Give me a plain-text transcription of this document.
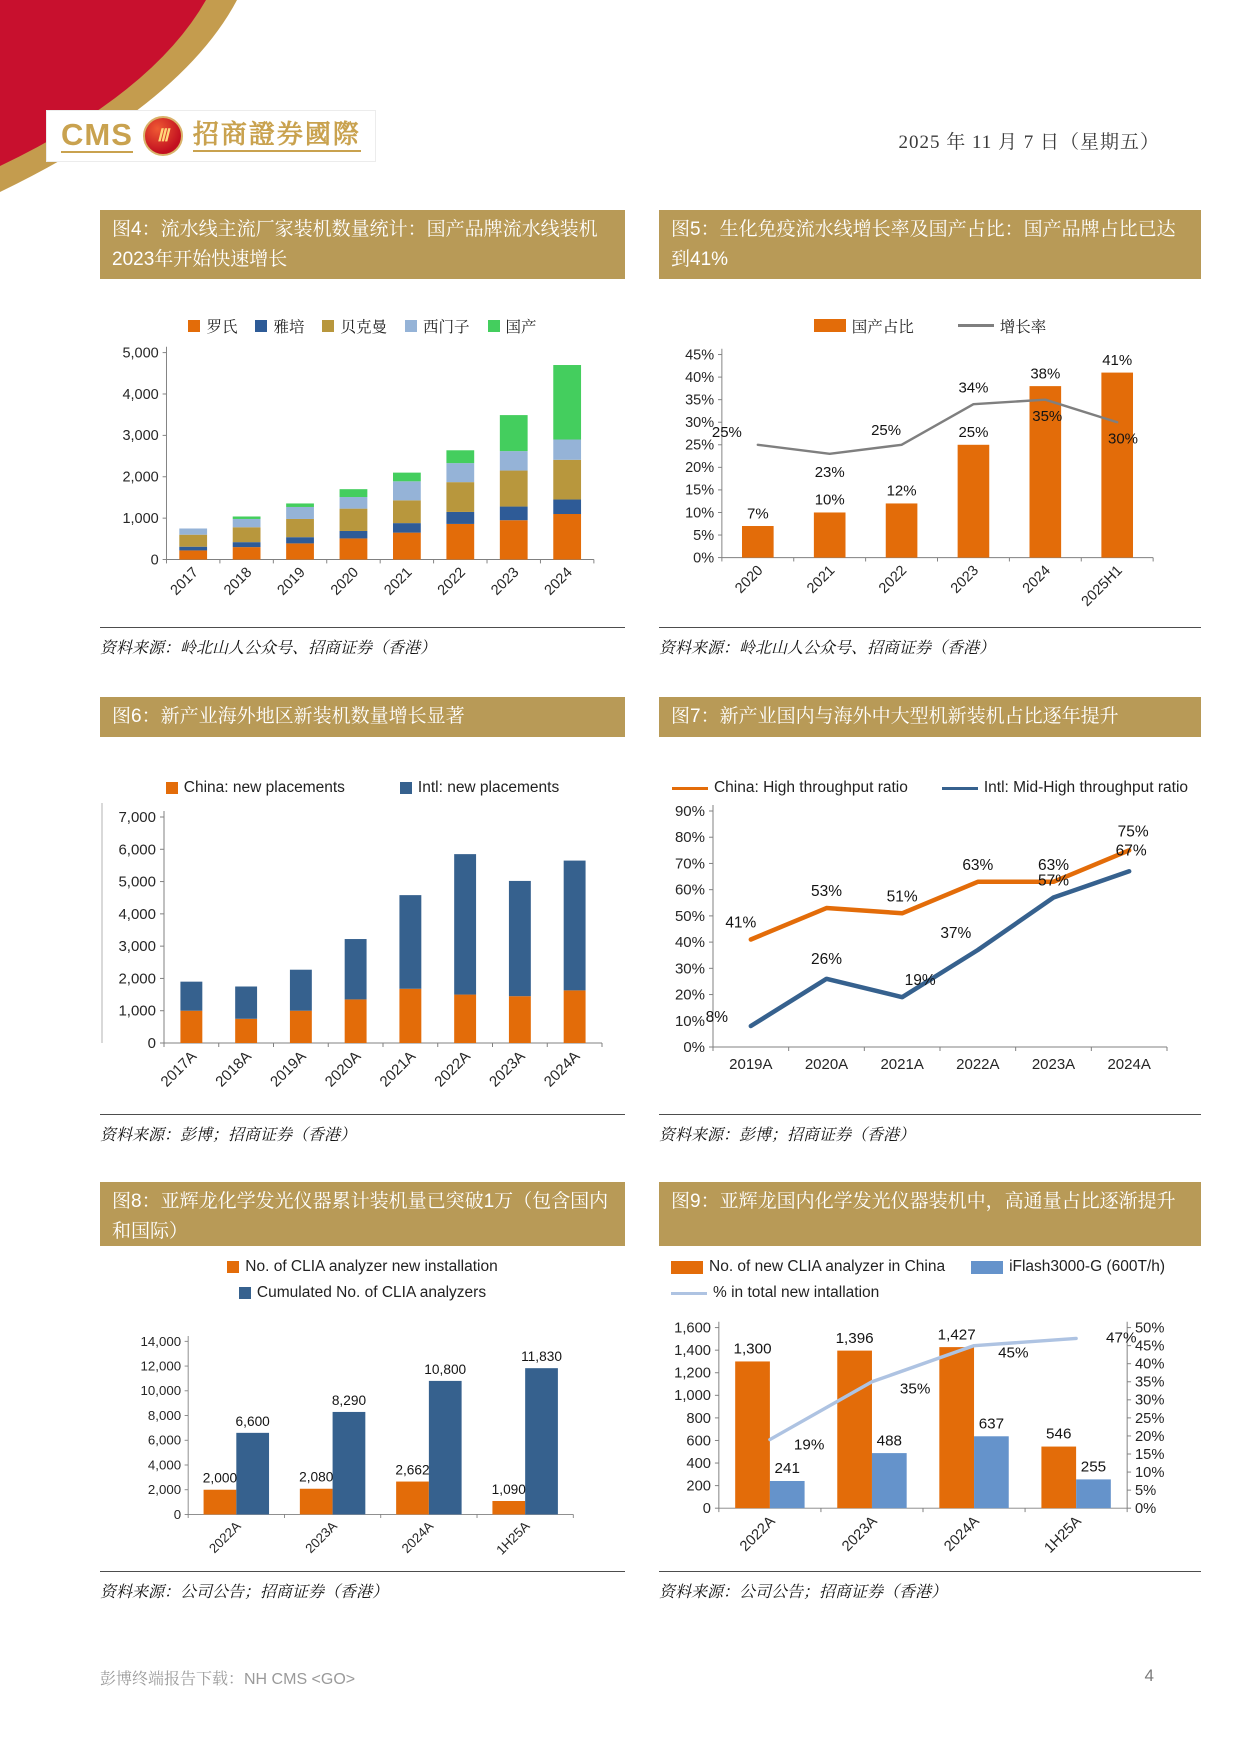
CMS	Ⅲ 招商證券國際	2025 年 11 月 7 日（星期五）
图4：流水线主流厂家装机数量统计：国产品牌流水线装机2023年开始快速增长
罗氏 雅培 贝克曼 西门子 国产
0
1,000
2,000
3,000
4,000
5,000
2017 2018 2019 2020 2021 2022 2023 2024
资料来源：岭北山人公众号、招商证券（香港）
图5：生化免疫流水线增长率及国产占比：国产品牌占比已达到41%
国产占比	增长率
0%
5%
10%
15%
20%
25%
30%
35%
40%
45%
7%
10%
12%
25%
38%
41%
25%
23%
25%
34%
35%
30%
2020	2021	2022	2023	2024 2025H1
资料来源：岭北山人公众号、招商证券（香港）
图6：新产业海外地区新装机数量增长显著
China: new placements	Intl: new placements
0
1,000
2,000
3,000
4,000
5,000
6,000
7,000
2017A 2018A 2019A 2020A 2021A 2022A 2023A 2024A
资料来源：彭博；招商证券（香港）
图7：新产业国内与海外中大型机新装机占比逐年提升
China: High throughput ratio	Intl: Mid-High throughput ratio
0%
10%
20%
30%
40%
50%
60%
70%
80%
90%
41%
53%	51%
63%	63%
75%
8%
26%
19%
37%
57%
67%
2019A 2020A 2021A 2022A 2023A 2024A
资料来源：彭博；招商证券（香港）
图8：亚辉龙化学发光仪器累计装机量已突破1万（包含国内和国际）
No. of CLIA analyzer new installation
Cumulated No. of CLIA analyzers
0
2,000
4,000
6,000
8,000
10,000
12,000
14,000
2,000	2,080	2,662
1,090
6,600
8,290
10,800
11,830
2022A	2023A	2024A	1H25A
资料来源：公司公告；招商证券（香港）
图9：亚辉龙国内化学发光仪器装机中，高通量占比逐渐提升
No. of new CLIA analyzer in China	iFlash3000-G (600T/h)
% in total new intallation
0
200
400
600
800
1,000
1,200
1,400
1,600
0%
5%
10%
15%
20%
25%
30%
35%
40%
45%
50%
1,300
1,396	1,427
546
241
488
637
255
19%
35%
45%
47%
2022A	2023A	2024A	1H25A
资料来源：公司公告；招商证券（香港）
彭博终端报告下载：NH CMS <GO>	4
